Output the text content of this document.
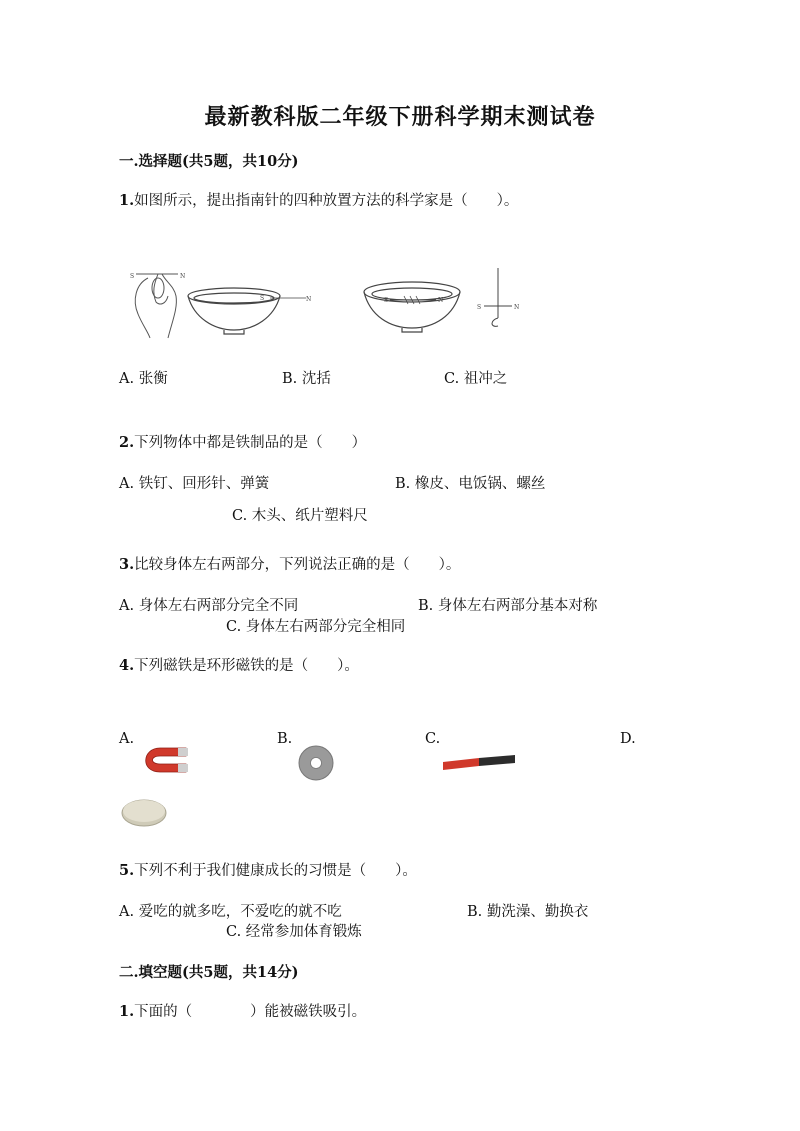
最新教科版二年级下册科学期末测试卷
一.选择题(共5题，共10分)
1.如图所示，提出指南针的四种放置方法的科学家是（　　）。
S	N
S	N	S	N
S	N
A. 张衡	B. 沈括	C. 祖冲之
2.下列物体中都是铁制品的是（　　）
A. 铁钉、回形针、弹簧	B. 橡皮、电饭锅、螺丝
C. 木头、纸片塑料尺
3.比较身体左右两部分，下列说法正确的是（　　）。
A. 身体左右两部分完全不同	B. 身体左右两部分基本对称
C. 身体左右两部分完全相同
4.下列磁铁是环形磁铁的是（　　）。
A.	B.	C.	D.
5.下列不利于我们健康成长的习惯是（　　）。
A. 爱吃的就多吃，不爱吃的就不吃	B. 勤洗澡、勤换衣
C. 经常参加体育锻炼
二.填空题(共5题，共14分)
1.下面的（　　　　）能被磁铁吸引。
